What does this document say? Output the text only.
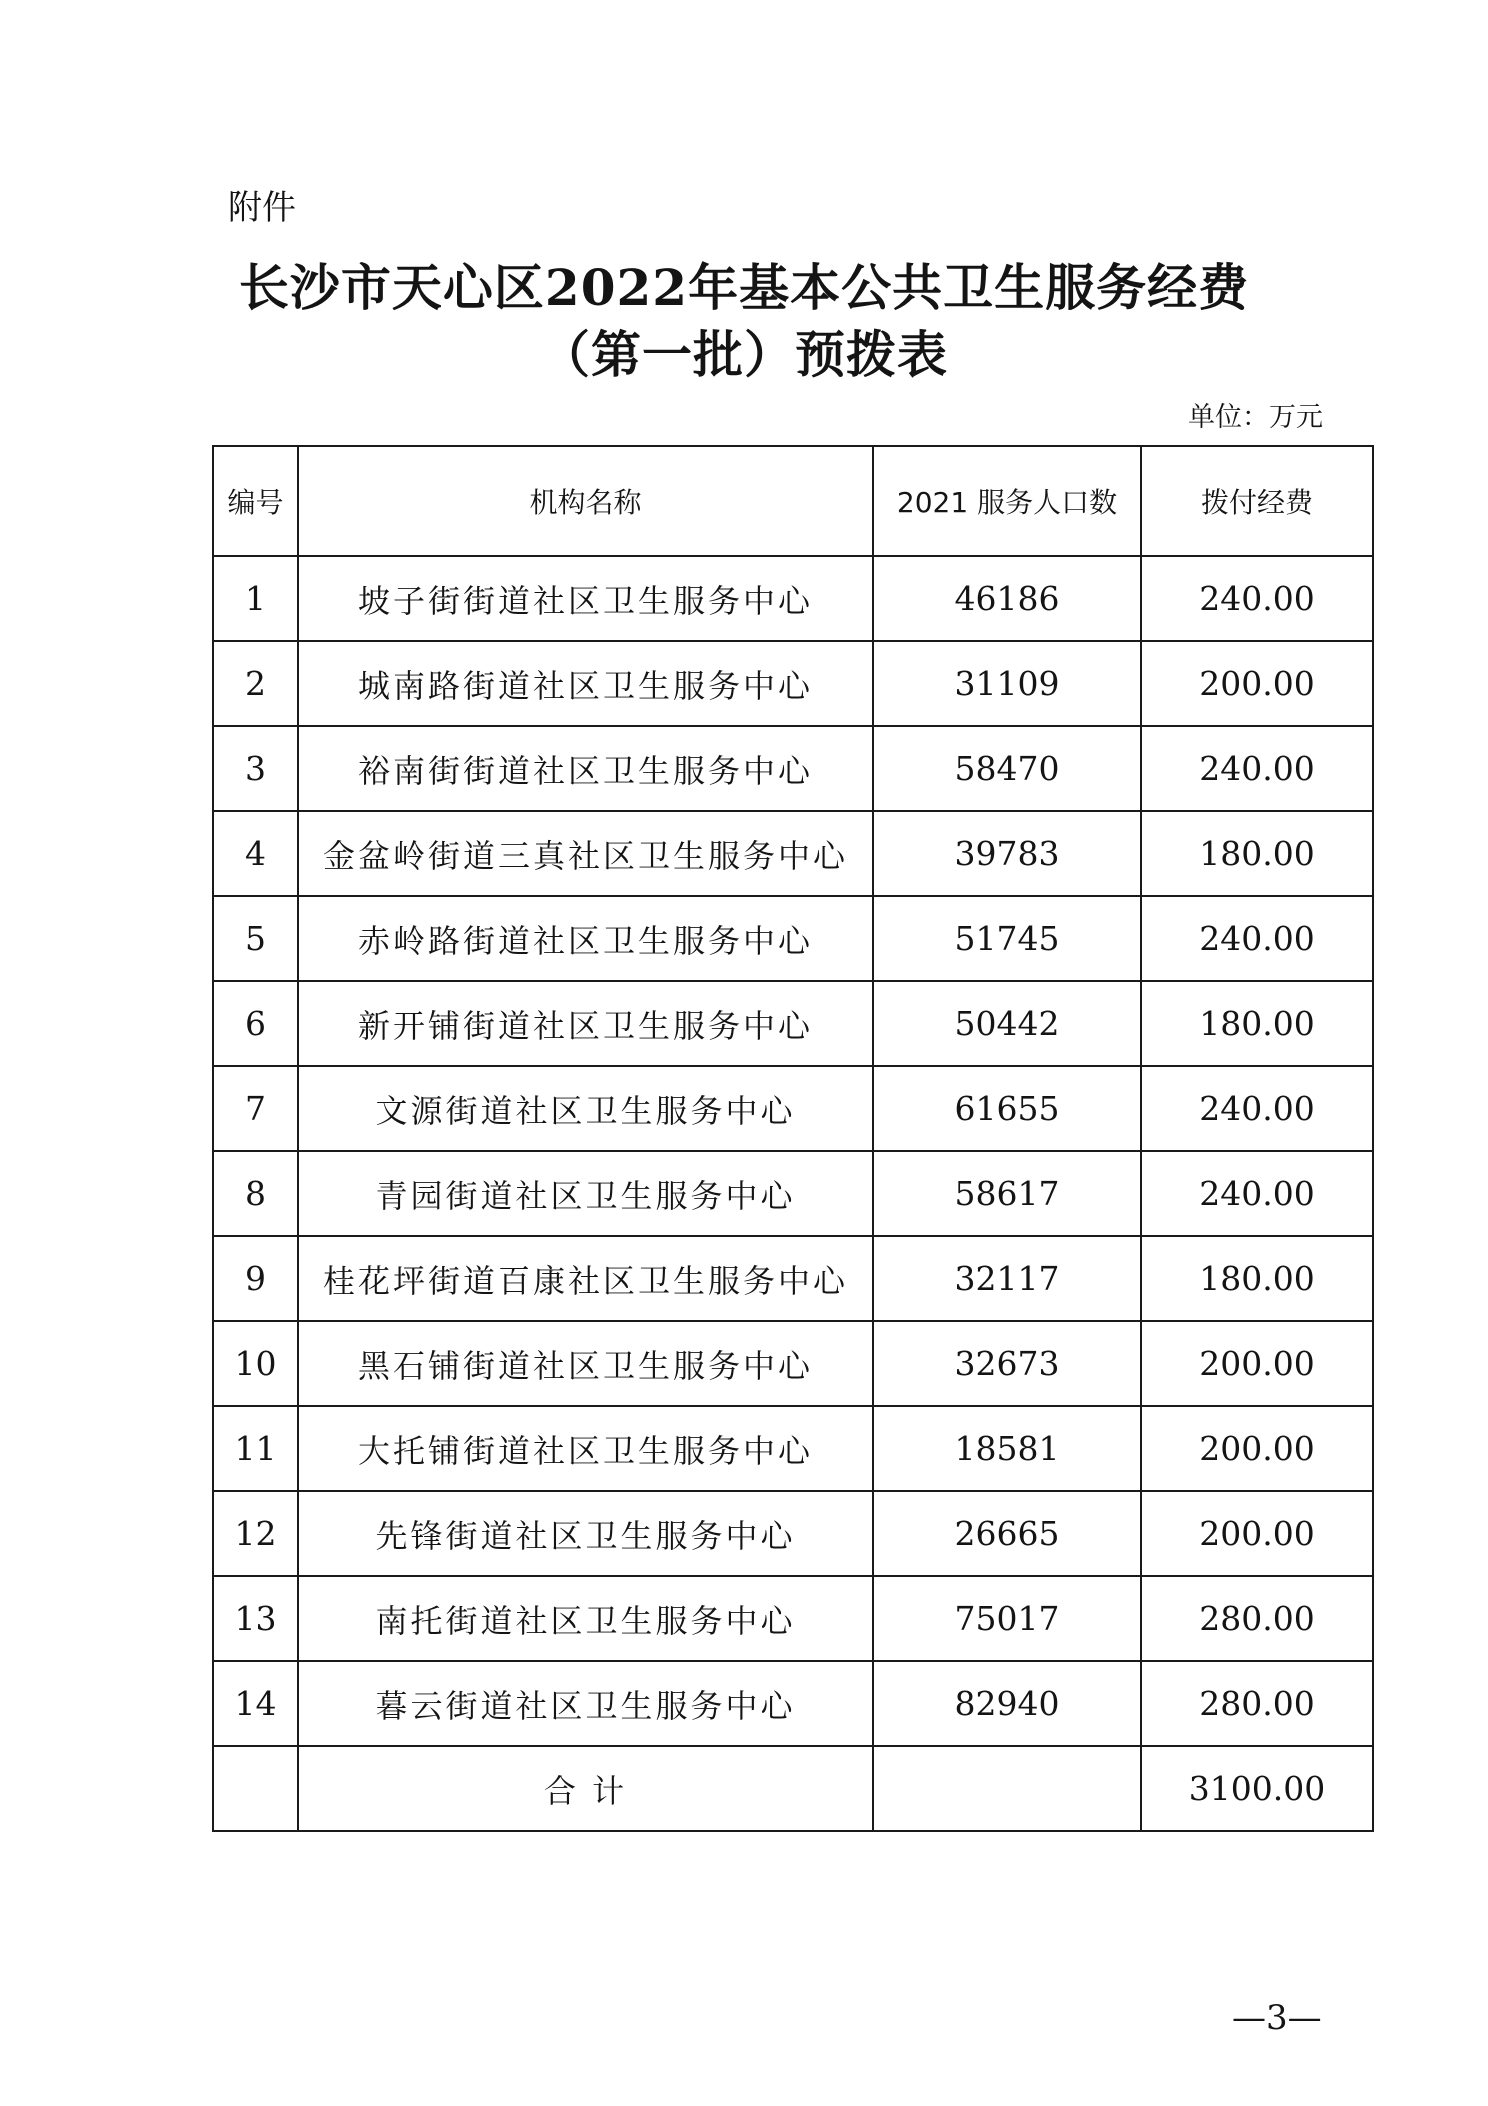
附件
长沙市天心区2022年基本公共卫生服务经费
（第一批）预拨表
单位：万元
编号	机构名称	2021 服务人口数	拨付经费
1	坡子街街道社区卫生服务中心	46186	240.00
2	城南路街道社区卫生服务中心	31109	200.00
3	裕南街街道社区卫生服务中心	58470	240.00
4	金盆岭街道三真社区卫生服务中心	39783	180.00
5	赤岭路街道社区卫生服务中心	51745	240.00
6	新开铺街道社区卫生服务中心	50442	180.00
7	文源街道社区卫生服务中心	61655	240.00
8	青园街道社区卫生服务中心	58617	240.00
9	桂花坪街道百康社区卫生服务中心	32117	180.00
10	黑石铺街道社区卫生服务中心	32673	200.00
11	大托铺街道社区卫生服务中心	18581	200.00
12	先锋街道社区卫生服务中心	26665	200.00
13	南托街道社区卫生服务中心	75017	280.00
14	暮云街道社区卫生服务中心	82940	280.00
	合 计		3100.00
—3—
